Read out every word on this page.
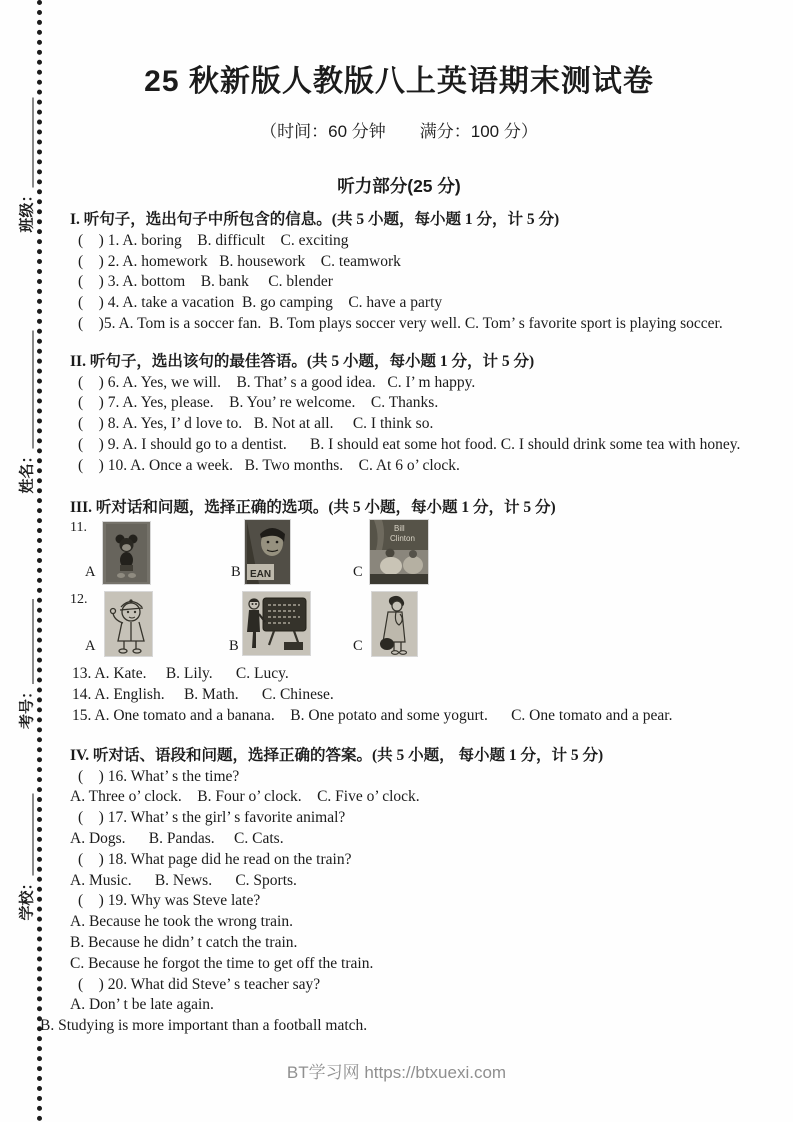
班级：
姓名：
考号：
学校：
25 秋新版人教版八上英语期末测试卷
（时间：60 分钟　　满分：100 分）
听力部分(25 分)
I. 听句子，选出句子中所包含的信息。(共 5 小题，每小题 1 分，计 5 分)
(    ) 1. A. boring    B. difficult    C. exciting
(    ) 2. A. homework   B. housework    C. teamwork
(    ) 3. A. bottom    B. bank     C. blender
(    ) 4. A. take a vacation  B. go camping    C. have a party
(    )5. A. Tom is a soccer fan.  B. Tom plays soccer very well. C. Tom’ s favorite sport is playing soccer.
II. 听句子，选出该句的最佳答语。(共 5 小题，每小题 1 分，计 5 分)
(    ) 6. A. Yes, we will.    B. That’ s a good idea.   C. I’ m happy.
(    ) 7. A. Yes, please.    B. You’ re welcome.    C. Thanks.
(    ) 8. A. Yes, I’ d love to.   B. Not at all.     C. I think so.
(    ) 9. A. I should go to a dentist.      B. I should eat some hot food. C. I should drink some tea with honey.
(    ) 10. A. Once a week.   B. Two months.    C. At 6 o’ clock.
III. 听对话和问题，选择正确的选项。(共 5 小题，每小题 1 分，计 5 分)
11.
A	B EAN	C
Bill
Clinton
12.
A	B	C
13. A. Kate.     B. Lily.      C. Lucy.
14. A. English.     B. Math.      C. Chinese.
15. A. One tomato and a banana.    B. One potato and some yogurt.      C. One tomato and a pear.
IV. 听对话、语段和问题，选择正确的答案。(共 5 小题， 每小题 1 分，计 5 分)
(    ) 16. What’ s the time?
A. Three o’ clock.    B. Four o’ clock.    C. Five o’ clock.
(    ) 17. What’ s the girl’ s favorite animal?
A. Dogs.      B. Pandas.     C. Cats.
(    ) 18. What page did he read on the train?
A. Music.      B. News.      C. Sports.
(    ) 19. Why was Steve late?
A. Because he took the wrong train.
B. Because he didn’ t catch the train.
C. Because he forgot the time to get off the train.
(    ) 20. What did Steve’ s teacher say?
A. Don’ t be late again.
B. Studying is more important than a football match.
BT学习网 https://btxuexi.com
